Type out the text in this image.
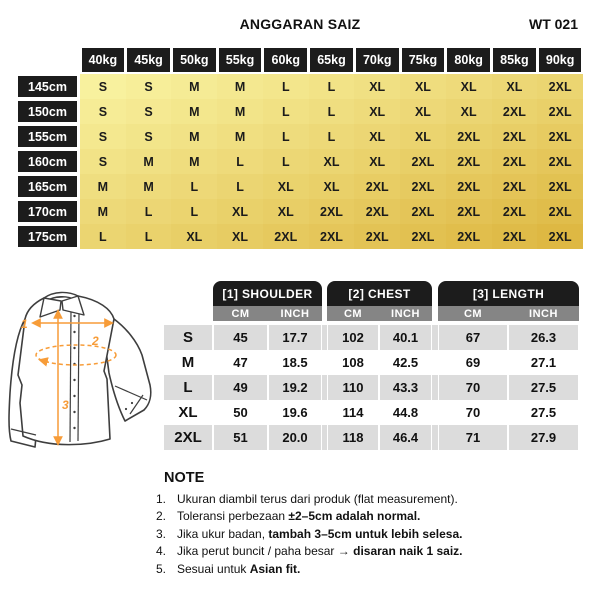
ANGGARAN SAIZ	WT 021
40kg	45kg	50kg	55kg	60kg	65kg	70kg	75kg	80kg	85kg	90kg
145cm	S	S	M	M	L	L	XL	XL	XL	XL	2XL
150cm	S	S	M	M	L	L	XL	XL	XL	2XL	2XL
155cm	S	S	M	M	L	L	XL	XL	2XL	2XL	2XL
160cm	S	M	M	L	L	XL	XL	2XL	2XL	2XL	2XL
165cm	M	M	L	L	XL	XL	2XL	2XL	2XL	2XL	2XL
170cm	M	L	L	XL	XL	2XL	2XL	2XL	2XL	2XL	2XL
175cm	L	L	XL	XL	2XL	2XL	2XL	2XL	2XL	2XL	2XL
1
2
3
[1] SHOULDER	[2] CHEST	[3] LENGTH
CM	INCH	CM	INCH	CM	INCH
S	45	17.7	102	40.1	67	26.3
M	47	18.5	108	42.5	69	27.1
L	49	19.2	110	43.3	70	27.5
XL	50	19.6	114	44.8	70	27.5
2XL	51	20.0	118	46.4	71	27.9
NOTE
1. Ukuran diambil terus dari produk (flat measurement).
2. Toleransi perbezaan ±2–5cm adalah normal.
3. Jika ukur badan, tambah 3–5cm untuk lebih selesa.
4. Jika perut buncit / paha besar → disaran naik 1 saiz.
5. Sesuai untuk Asian fit.
